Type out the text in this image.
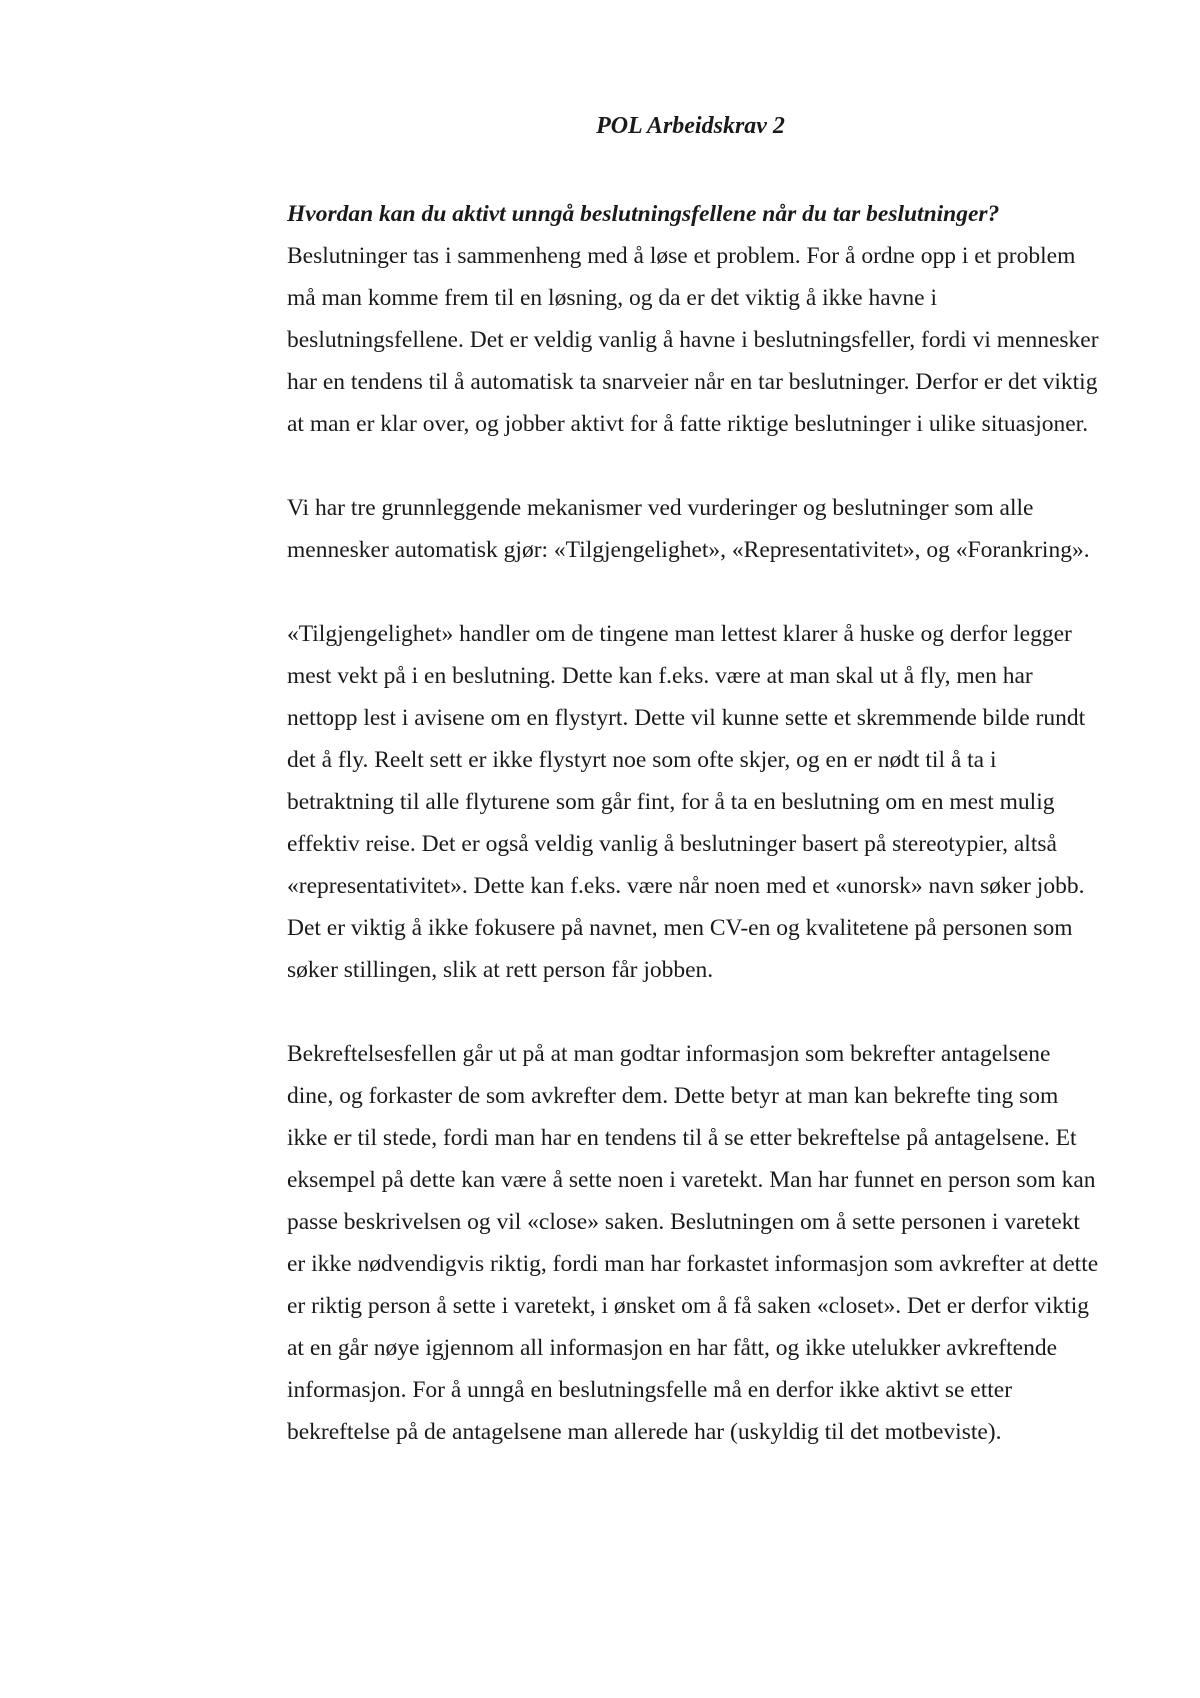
POL Arbeidskrav 2

Hvordan kan du aktivt unngå beslutningsfellene når du tar beslutninger?

Beslutninger tas i sammenheng med å løse et problem. For å ordne opp i et problem må man komme frem til en løsning, og da er det viktig å ikke havne i beslutningsfellene. Det er veldig vanlig å havne i beslutningsfeller, fordi vi mennesker har en tendens til å automatisk ta snarveier når en tar beslutninger. Derfor er det viktig at man er klar over, og jobber aktivt for å fatte riktige beslutninger i ulike situasjoner.

Vi har tre grunnleggende mekanismer ved vurderinger og beslutninger som alle mennesker automatisk gjør: «Tilgjengelighet», «Representativitet», og «Forankring».

«Tilgjengelighet» handler om de tingene man lettest klarer å huske og derfor legger mest vekt på i en beslutning. Dette kan f.eks. være at man skal ut å fly, men har nettopp lest i avisene om en flystyrt. Dette vil kunne sette et skremmende bilde rundt det å fly. Reelt sett er ikke flystyrt noe som ofte skjer, og en er nødt til å ta i betraktning til alle flyturene som går fint, for å ta en beslutning om en mest mulig effektiv reise. Det er også veldig vanlig å beslutninger basert på stereotypier, altså «representativitet». Dette kan f.eks. være når noen med et «unorsk» navn søker jobb. Det er viktig å ikke fokusere på navnet, men CV-en og kvalitetene på personen som søker stillingen, slik at rett person får jobben.

Bekreftelsesfellen går ut på at man godtar informasjon som bekrefter antagelsene dine, og forkaster de som avkrefter dem. Dette betyr at man kan bekrefte ting som ikke er til stede, fordi man har en tendens til å se etter bekreftelse på antagelsene. Et eksempel på dette kan være å sette noen i varetekt. Man har funnet en person som kan passe beskrivelsen og vil «close» saken. Beslutningen om å sette personen i varetekt er ikke nødvendigvis riktig, fordi man har forkastet informasjon som avkrefter at dette er riktig person å sette i varetekt, i ønsket om å få saken «closet». Det er derfor viktig at en går nøye igjennom all informasjon en har fått, og ikke utelukker avkreftende informasjon. For å unngå en beslutningsfelle må en derfor ikke aktivt se etter bekreftelse på de antagelsene man allerede har (uskyldig til det motbeviste).
